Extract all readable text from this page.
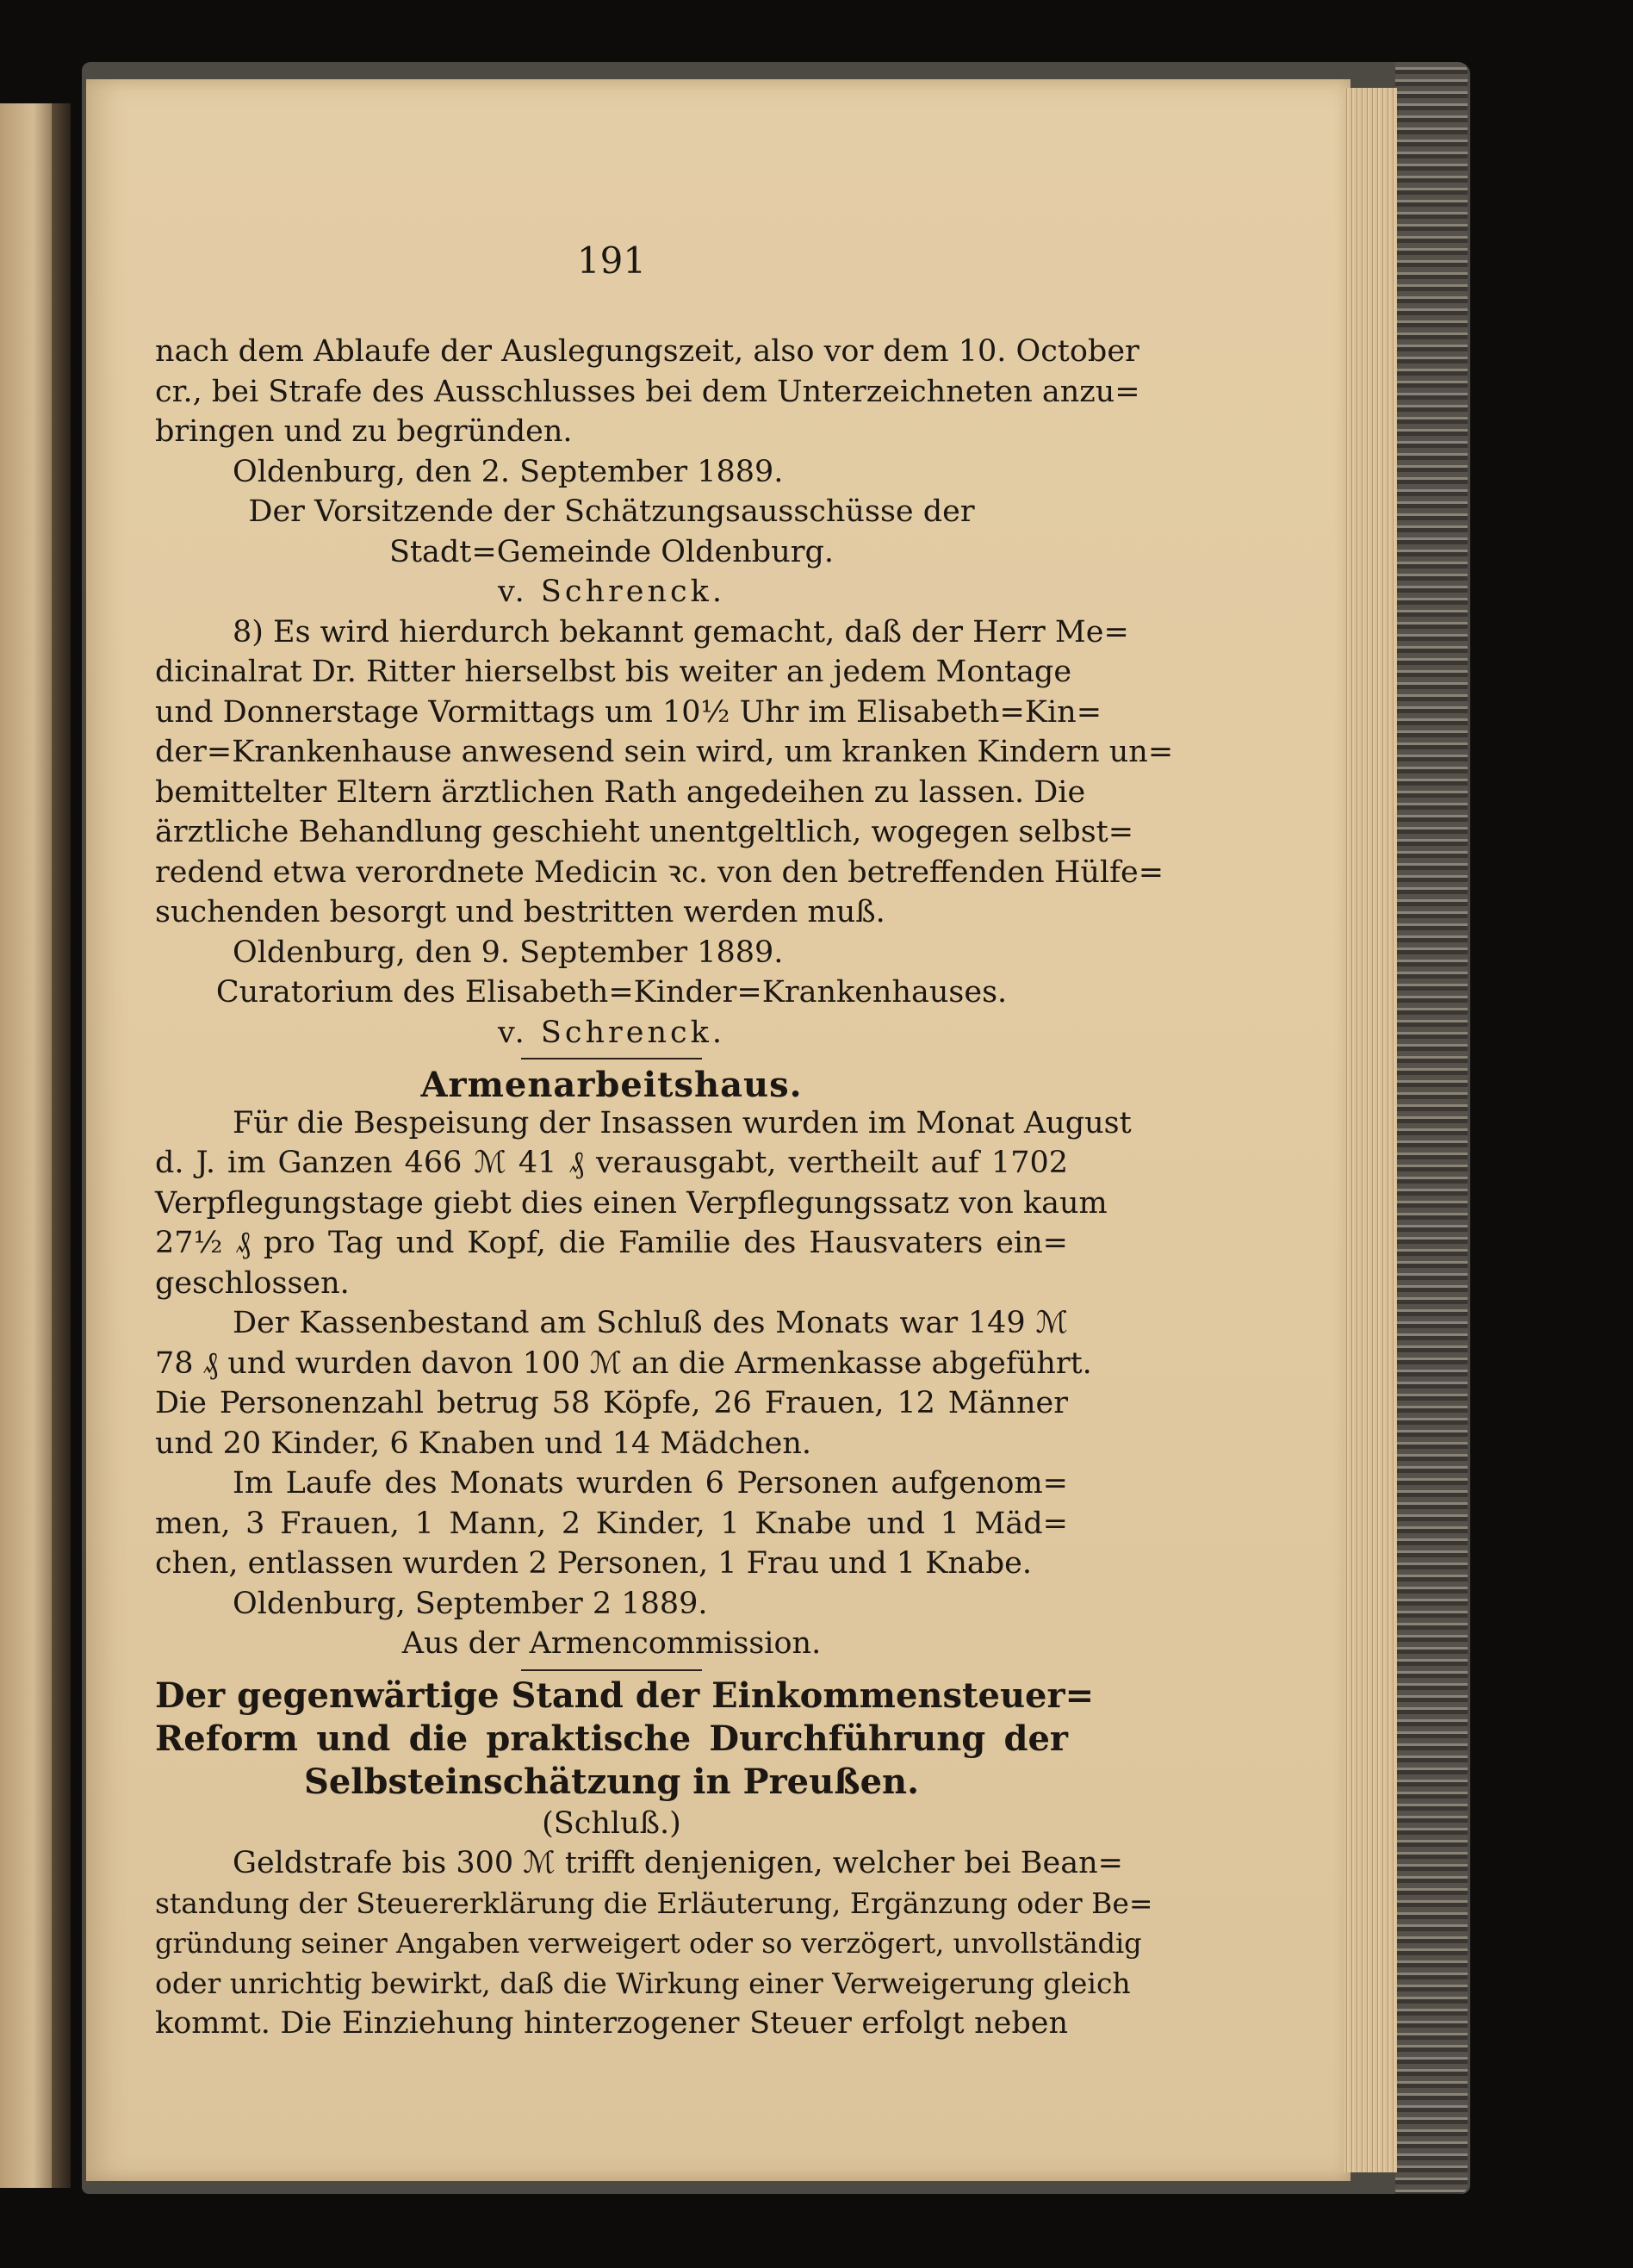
191
nach dem Ablaufe der Auslegungszeit, also vor dem 10. October
cr., bei Strafe des Ausschlusses bei dem Unterzeichneten anzu=
bringen und zu begründen.
Oldenburg, den 2. September 1889.
Der Vorsitzende der Schätzungsausschüsse der
Stadt=Gemeinde Oldenburg.
v. Schrenck.
8) Es wird hierdurch bekannt gemacht, daß der Herr Me=
dicinalrat Dr. Ritter hierselbst bis weiter an jedem Montage
und Donnerstage Vormittags um 10½ Uhr im Elisabeth=Kin=
der=Krankenhause anwesend sein wird, um kranken Kindern un=
bemittelter Eltern ärztlichen Rath angedeihen zu lassen. Die
ärztliche Behandlung geschieht unentgeltlich, wogegen selbst=
redend etwa verordnete Medicin ꝛc. von den betreffenden Hülfe=
suchenden besorgt und bestritten werden muß.
Oldenburg, den 9. September 1889.
Curatorium des Elisabeth=Kinder=Krankenhauses.
v. Schrenck.
Armenarbeitshaus.
Für die Bespeisung der Insassen wurden im Monat August
d. J. im Ganzen 466 ℳ 41 ₰ verausgabt, vertheilt auf 1702
Verpflegungstage giebt dies einen Verpflegungssatz von kaum
27½ ₰ pro Tag und Kopf, die Familie des Hausvaters ein=
geschlossen.
Der Kassenbestand am Schluß des Monats war 149 ℳ
78 ₰ und wurden davon 100 ℳ an die Armenkasse abgeführt.
Die Personenzahl betrug 58 Köpfe, 26 Frauen, 12 Männer
und 20 Kinder, 6 Knaben und 14 Mädchen.
Im Laufe des Monats wurden 6 Personen aufgenom=
men, 3 Frauen, 1 Mann, 2 Kinder, 1 Knabe und 1 Mäd=
chen, entlassen wurden 2 Personen, 1 Frau und 1 Knabe.
Oldenburg, September 2 1889.
Aus der Armencommission.
Der gegenwärtige Stand der Einkommensteuer=
Reform und die praktische Durchführung der
Selbsteinschätzung in Preußen.
(Schluß.)
Geldstrafe bis 300 ℳ trifft denjenigen, welcher bei Bean=
standung der Steuererklärung die Erläuterung, Ergänzung oder Be=
gründung seiner Angaben verweigert oder so verzögert, unvollständig
oder unrichtig bewirkt, daß die Wirkung einer Verweigerung gleich
kommt. Die Einziehung hinterzogener Steuer erfolgt neben
